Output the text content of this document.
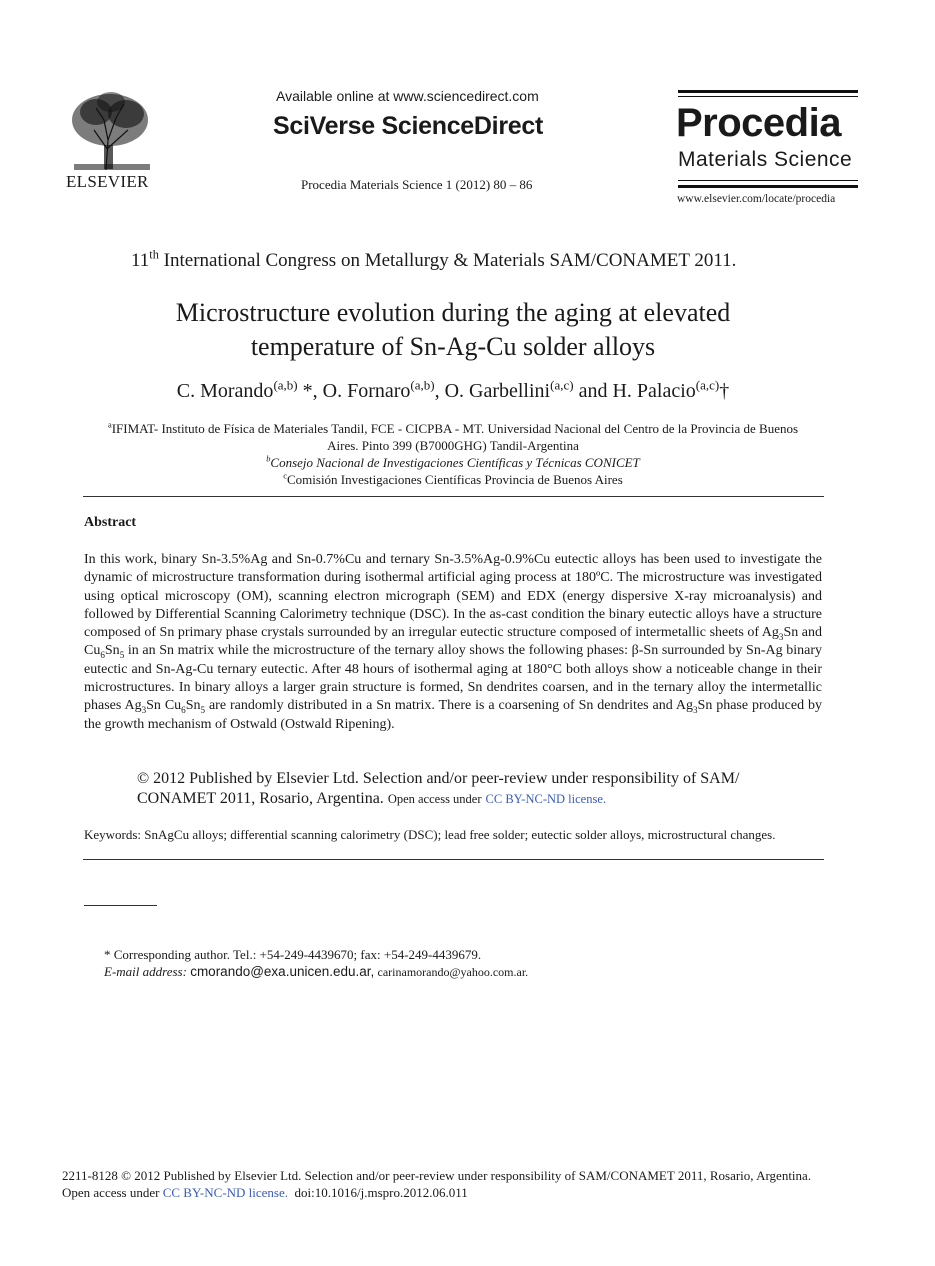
ELSEVIER
Available online at www.sciencedirect.com
SciVerse ScienceDirect
Procedia Materials Science 1 (2012) 80 – 86
Procedia
Materials Science
www.elsevier.com/locate/procedia
11th International Congress on Metallurgy & Materials SAM/CONAMET 2011.
Microstructure evolution during the aging at elevated
temperature of Sn-Ag-Cu solder alloys
C. Morando$^{(a,b)}$ *, O. Fornaro$^{(a,b)}$, O. Garbellini$^{(a,c)}$ and H. Palacio$^{(a,c)}$†
$^a$IFIMAT- Instituto de Física de Materiales Tandil, FCE - CICPBA - MT. Universidad Nacional del Centro de la Provincia de Buenos
Aires. Pinto 399 (B7000GHG) Tandil-Argentina
$^b$Consejo Nacional de Investigaciones Científicas y Técnicas CONICET
$^c$Comisión Investigaciones Científicas Provincia de Buenos Aires
Abstract
In this work, binary Sn-3.5%Ag and Sn-0.7%Cu and ternary Sn-3.5%Ag-0.9%Cu eutectic alloys has been used to investigate the dynamic of microstructure transformation during isothermal artificial aging process at 180ºC. The microstructure was investigated using optical microscopy (OM), scanning electron micrograph (SEM) and EDX (energy dispersive X-ray microanalysis) and followed by Differential Scanning Calorimetry technique (DSC). In the as-cast condition the binary eutectic alloys have a structure composed of Sn primary phase crystals surrounded by an irregular eutectic structure composed of intermetallic sheets of $Ag_3Sn$ and $Cu_6Sn_5$ in an Sn matrix while the microstructure of the ternary alloy shows the following phases: β-Sn surrounded by Sn-Ag binary eutectic and Sn-Ag-Cu ternary eutectic. After 48 hours of isothermal aging at 180°C both alloys show a noticeable change in their microstructures. In binary alloys a larger grain structure is formed, Sn dendrites coarsen, and in the ternary alloy the intermetallic phases $Ag_3Sn$ $Cu_6Sn_5$ are randomly distributed in a Sn matrix. There is a coarsening of Sn dendrites and $Ag_3Sn$ phase produced by the growth mechanism of Ostwald (Ostwald Ripening).
© 2012 Published by Elsevier Ltd. Selection and/or peer-review under responsibility of SAM/ CONAMET 2011, Rosario, Argentina. Open access under CC BY-NC-ND license.
Keywords: SnAgCu alloys; differential scanning calorimetry (DSC); lead free solder; eutectic solder alloys, microstructural changes.
* Corresponding author. Tel.: +54-249-4439670; fax: +54-249-4439679.
E-mail address: cmorando@exa.unicen.edu.ar, carinamorando@yahoo.com.ar.
2211-8128 © 2012 Published by Elsevier Ltd. Selection and/or peer-review under responsibility of SAM/CONAMET 2011, Rosario, Argentina.
Open access under CC BY-NC-ND license. doi:10.1016/j.mspro.2012.06.011
